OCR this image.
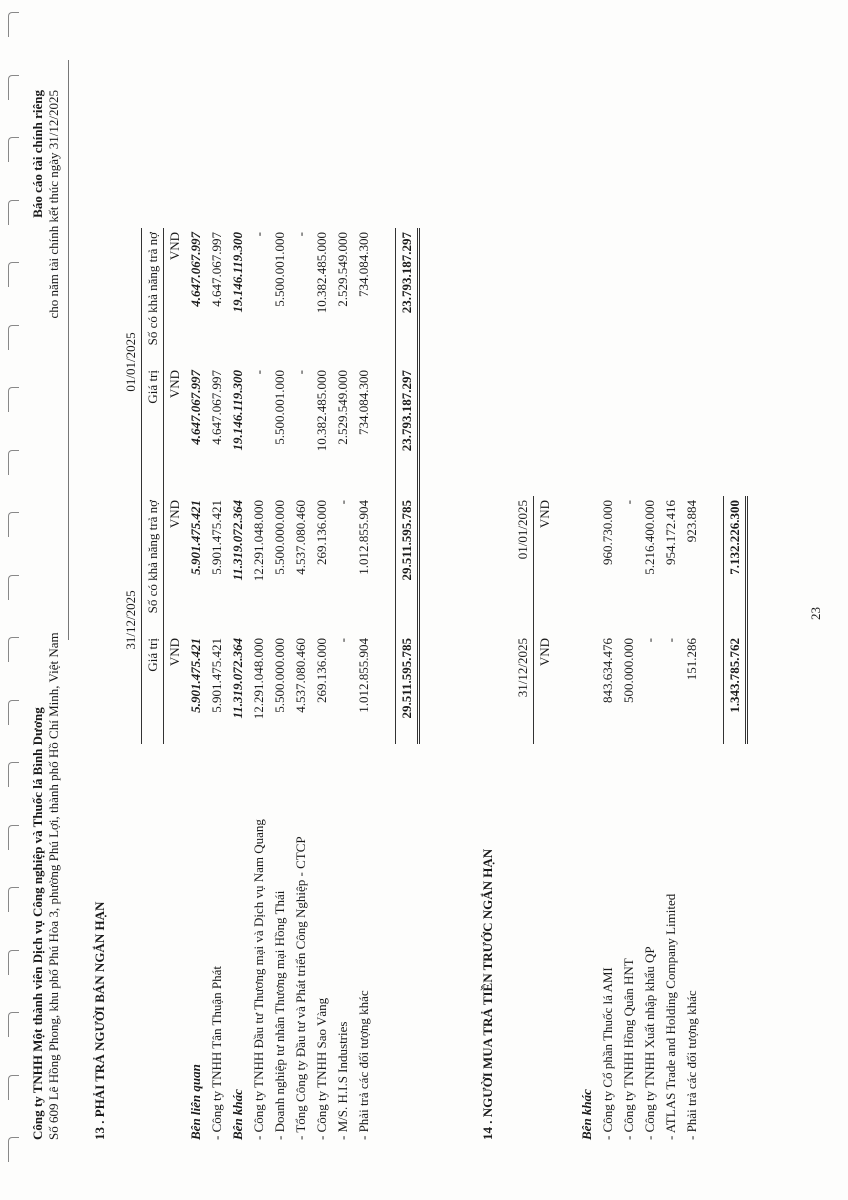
Công ty TNHH Một thành viên Dịch vụ Công nghiệp và Thuốc lá Bình Dương Số 609 Lê Hồng Phong, khu phố Phú Hòa 3, phường Phú Lợi, thành phố Hồ Chí Minh, Việt Nam
Báo cáo tài chính riêng cho năm tài chính kết thúc ngày 31/12/2025
13 . PHẢI TRẢ NGƯỜI BÁN NGẮN HẠN
	31/12/2025		01/01/2025	
	Giá trị	Số có khả năng trả nợ	Giá trị	Số có khả năng trả nợ
	VND	VND	VND	VND
Bên liên quan	5.901.475.421	5.901.475.421	4.647.067.997	4.647.067.997
- Công ty TNHH Tân Thuận Phát	5.901.475.421	5.901.475.421	4.647.067.997	4.647.067.997
Bên khác	11.319.072.364	11.319.072.364	19.146.119.300	19.146.119.300
- Công ty TNHH Đầu tư Thương mại và Dịch vụ Nam Quang	12.291.048.000	12.291.048.000	-	-
- Doanh nghiệp tư nhân Thương mại Hồng Thái	5.500.000.000	5.500.000.000	5.500.001.000	5.500.001.000
- Tổng Công ty Đầu tư và Phát triển Công Nghiệp - CTCP	4.537.080.460	4.537.080.460	-	-
- Công ty TNHH Sao Vàng	269.136.000	269.136.000	10.382.485.000	10.382.485.000
- M/S. H.I.S Industries	-	-	2.529.549.000	2.529.549.000
- Phải trả các đối tượng khác	1.012.855.904	1.012.855.904	734.084.300	734.084.300

	29.511.595.785	29.511.595.785	23.793.187.297	23.793.187.297
14 . NGƯỜI MUA TRẢ TIỀN TRƯỚC NGẮN HẠN
	31/12/2025	01/01/2025
	VND	VND

Bên khác		
- Công ty Cổ phần Thuốc lá AMI	843.634.476	960.730.000
- Công ty TNHH Hồng Quân HNT	500.000.000	-
- Công ty TNHH Xuất nhập khẩu QP	-	5.216.400.000
- ATLAS Trade and Holding Company Limited	-	954.172.416
- Phải trả các đối tượng khác	151.286	923.884

	1.343.785.762	7.132.226.300
23
